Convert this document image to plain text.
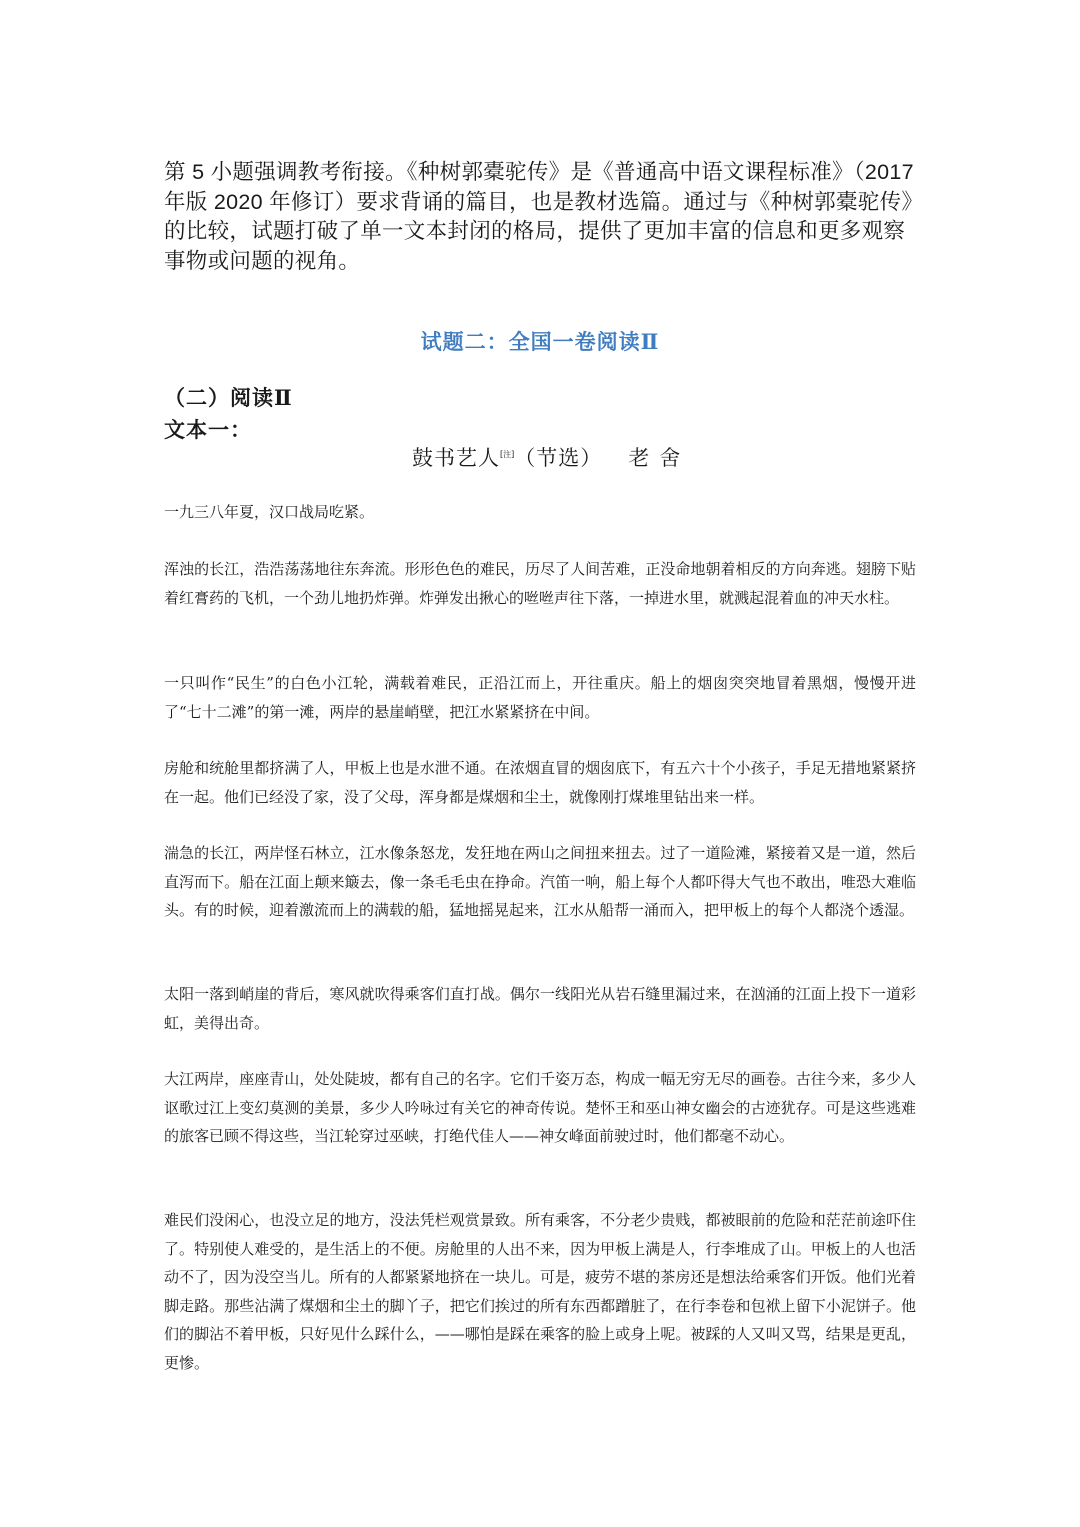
第 5 小题强调教考衔接。《种树郭橐驼传》是《普通高中语文课程标准》（2017 年版 2020 年修订）要求背诵的篇目，也是教材选篇。通过与《种树郭橐驼传》的比较，试题打破了单一文本封闭的格局，提供了更加丰富的信息和更多观察事物或问题的视角。

试题二：全国一卷阅读Ⅱ
（二）阅读Ⅱ
文本一：
鼓书艺人[注]（节选） 老舍

一九三八年夏，汉口战局吃紧。

浑浊的长江，浩浩荡荡地往东奔流。形形色色的难民，历尽了人间苦难，正没命地朝着相反的方向奔逃。翅膀下贴着红膏药的飞机，一个劲儿地扔炸弹。炸弹发出揪心的咝咝声往下落，一掉进水里，就溅起混着血的冲天水柱。

一只叫作“民生”的白色小江轮，满载着难民，正沿江而上，开往重庆。船上的烟囱突突地冒着黑烟，慢慢开进了“七十二滩”的第一滩，两岸的悬崖峭壁，把江水紧紧挤在中间。

房舱和统舱里都挤满了人，甲板上也是水泄不通。在浓烟直冒的烟囱底下，有五六十个小孩子，手足无措地紧紧挤在一起。他们已经没了家，没了父母，浑身都是煤烟和尘土，就像刚打煤堆里钻出来一样。

湍急的长江，两岸怪石林立，江水像条怒龙，发狂地在两山之间扭来扭去。过了一道险滩，紧接着又是一道，然后直泻而下。船在江面上颠来簸去，像一条毛毛虫在挣命。汽笛一响，船上每个人都吓得大气也不敢出，唯恐大难临头。有的时候，迎着激流而上的满载的船，猛地摇晃起来，江水从船帮一涌而入，把甲板上的每个人都浇个透湿。

太阳一落到峭崖的背后，寒风就吹得乘客们直打战。偶尔一线阳光从岩石缝里漏过来，在汹涌的江面上投下一道彩虹，美得出奇。

大江两岸，座座青山，处处陡坡，都有自己的名字。它们千姿万态，构成一幅无穷无尽的画卷。古往今来，多少人讴歌过江上变幻莫测的美景，多少人吟咏过有关它的神奇传说。楚怀王和巫山神女幽会的古迹犹存。可是这些逃难的旅客已顾不得这些，当江轮穿过巫峡，打绝代佳人——神女峰面前驶过时，他们都毫不动心。

难民们没闲心，也没立足的地方，没法凭栏观赏景致。所有乘客，不分老少贵贱，都被眼前的危险和茫茫前途吓住了。特别使人难受的，是生活上的不便。房舱里的人出不来，因为甲板上满是人，行李堆成了山。甲板上的人也活动不了，因为没空当儿。所有的人都紧紧地挤在一块儿。可是，疲劳不堪的茶房还是想法给乘客们开饭。他们光着脚走路。那些沾满了煤烟和尘土的脚丫子，把它们挨过的所有东西都蹭脏了，在行李卷和包袱上留下小泥饼子。他们的脚沾不着甲板，只好见什么踩什么，——哪怕是踩在乘客的脸上或身上呢。被踩的人又叫又骂，结果是更乱，更惨。
